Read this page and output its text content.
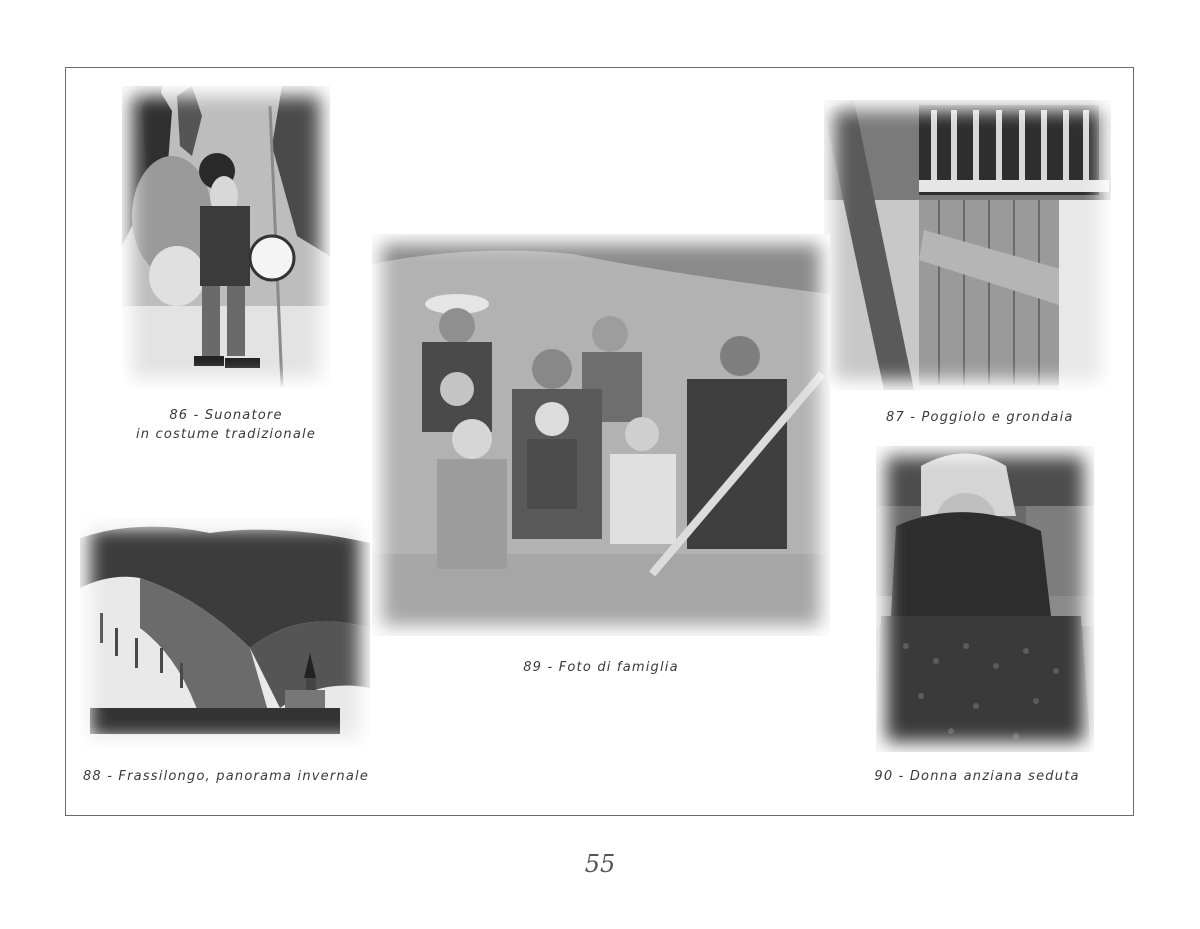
86 - Suonatore
in costume tradizionale
87 - Poggiolo e grondaia
88 - Frassilongo, panorama invernale
89 - Foto di famiglia
90 - Donna anziana seduta
55
